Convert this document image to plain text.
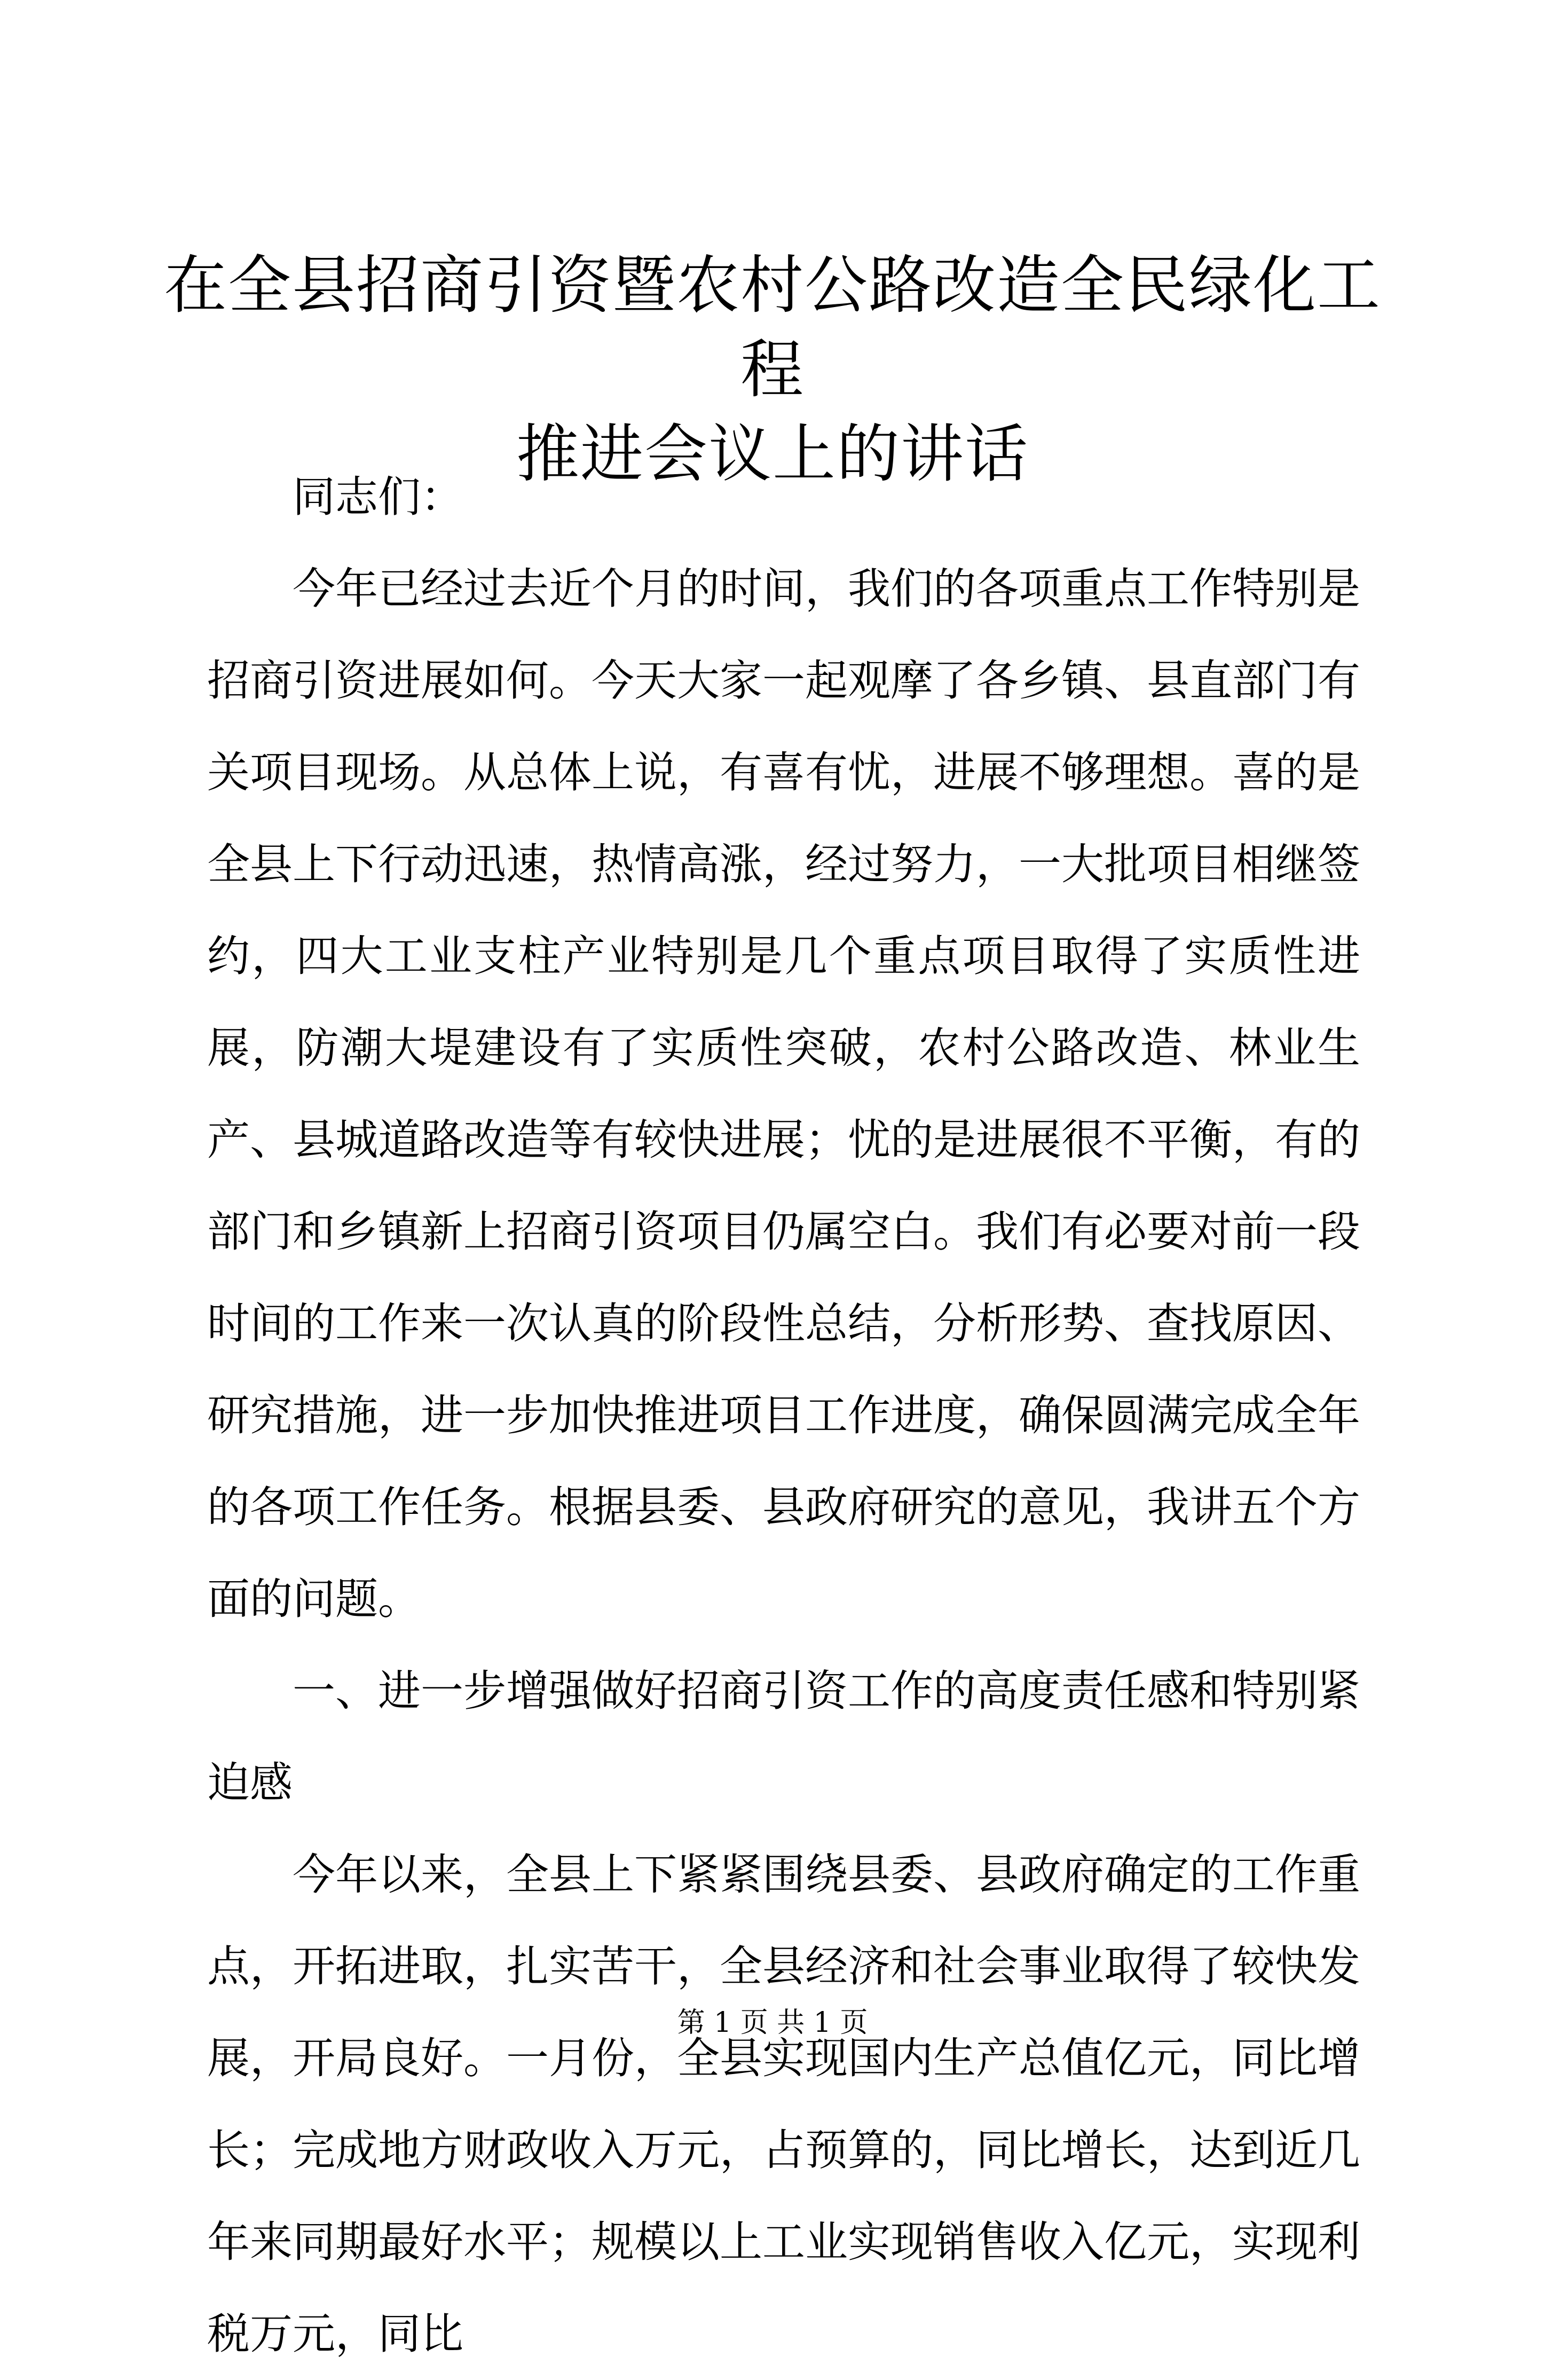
在全县招商引资暨农村公路改造全民绿化工程
推进会议上的讲话

同志们：

今年已经过去近个月的时间，我们的各项重点工作特别是招商引资进展如何。今天大家一起观摩了各乡镇、县直部门有关项目现场。从总体上说，有喜有忧，进展不够理想。喜的是全县上下行动迅速，热情高涨，经过努力，一大批项目相继签约，四大工业支柱产业特别是几个重点项目取得了实质性进展，防潮大堤建设有了实质性突破，农村公路改造、林业生产、县城道路改造等有较快进展；忧的是进展很不平衡，有的部门和乡镇新上招商引资项目仍属空白。我们有必要对前一段时间的工作来一次认真的阶段性总结，分析形势、查找原因、研究措施，进一步加快推进项目工作进度，确保圆满完成全年的各项工作任务。根据县委、县政府研究的意见，我讲五个方面的问题。

一、进一步增强做好招商引资工作的高度责任感和特别紧迫感

今年以来，全县上下紧紧围绕县委、县政府确定的工作重点，开拓进取，扎实苦干，全县经济和社会事业取得了较快发展，开局良好。一月份，全县实现国内生产总值亿元，同比增长；完成地方财政收入万元，占预算的，同比增长，达到近几年来同期最好水平；规模以上工业实现销售收入亿元，实现利税万元，同比

第 1 页 共 1 页
